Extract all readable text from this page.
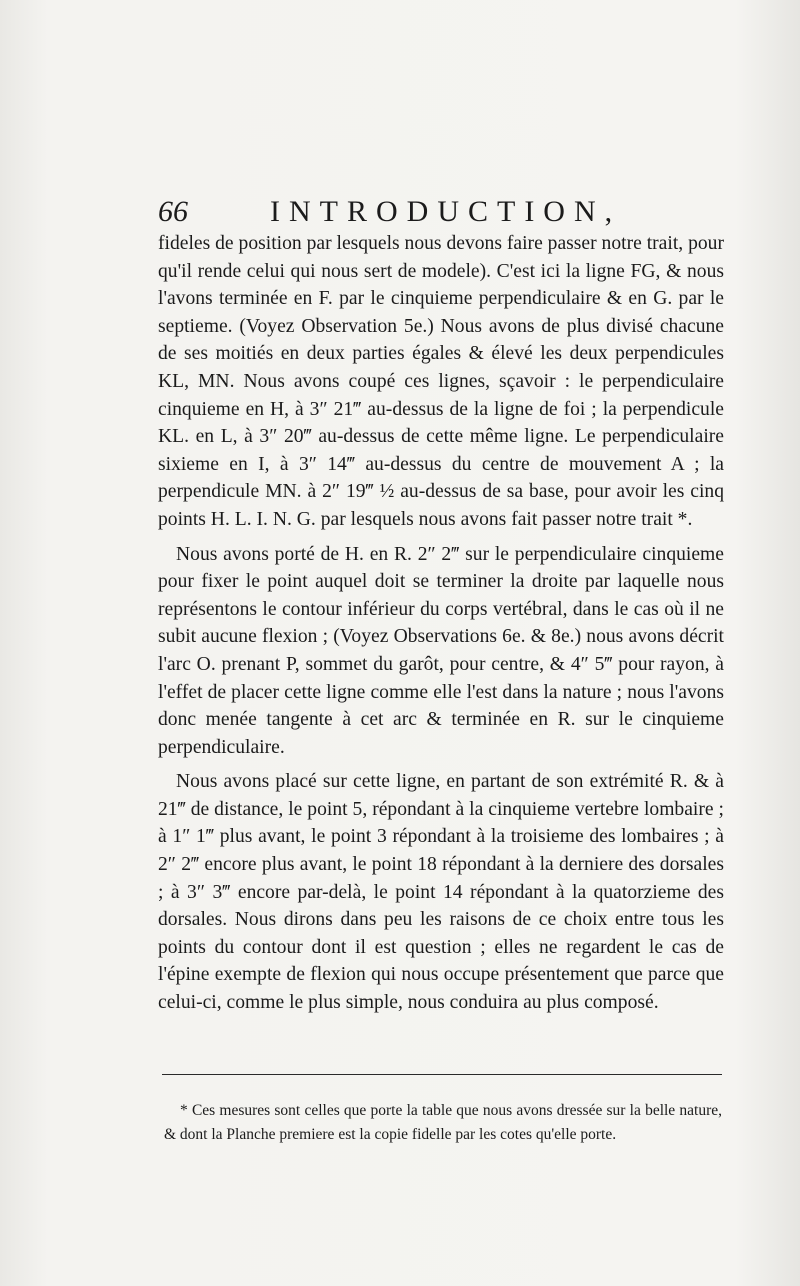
66	INTRODUCTION,

fideles de position par lesquels nous devons faire passer notre trait, pour qu'il rende celui qui nous sert de modele). C'est ici la ligne FG, & nous l'avons terminée en F. par le cinquieme perpendiculaire & en G. par le septieme. (Voyez Observation 5e.) Nous avons de plus divisé chacune de ses moitiés en deux parties égales & élevé les deux perpendicules KL, MN. Nous avons coupé ces lignes, sçavoir : le perpendiculaire cinquieme en H, à 3″ 21‴ au-dessus de la ligne de foi ; la perpendicule KL. en L, à 3″ 20‴ au-dessus de cette même ligne. Le perpendiculaire sixieme en I, à 3″ 14‴ au-dessus du centre de mouvement A ; la perpendicule MN. à 2″ 19‴ ½ au-dessus de sa base, pour avoir les cinq points H. L. I. N. G. par lesquels nous avons fait passer notre trait *.

Nous avons porté de H. en R. 2″ 2‴ sur le perpendiculaire cinquieme pour fixer le point auquel doit se terminer la droite par laquelle nous représentons le contour inférieur du corps vertébral, dans le cas où il ne subit aucune flexion ; (Voyez Observations 6e. & 8e.) nous avons décrit l'arc O. prenant P, sommet du garôt, pour centre, & 4″ 5‴ pour rayon, à l'effet de placer cette ligne comme elle l'est dans la nature ; nous l'avons donc menée tangente à cet arc & terminée en R. sur le cinquieme perpendiculaire.

Nous avons placé sur cette ligne, en partant de son extrémité R. & à 21‴ de distance, le point 5, répondant à la cinquieme vertebre lombaire ; à 1″ 1‴ plus avant, le point 3 répondant à la troisieme des lombaires ; à 2″ 2‴ encore plus avant, le point 18 répondant à la derniere des dorsales ; à 3″ 3‴ encore par-delà, le point 14 répondant à la quatorzieme des dorsales. Nous dirons dans peu les raisons de ce choix entre tous les points du contour dont il est question ; elles ne regardent le cas de l'épine exempte de flexion qui nous occupe présentement que parce que celui-ci, comme le plus simple, nous conduira au plus composé.

* Ces mesures sont celles que porte la table que nous avons dressée sur la belle nature, & dont la Planche premiere est la copie fidelle par les cotes qu'elle porte.
